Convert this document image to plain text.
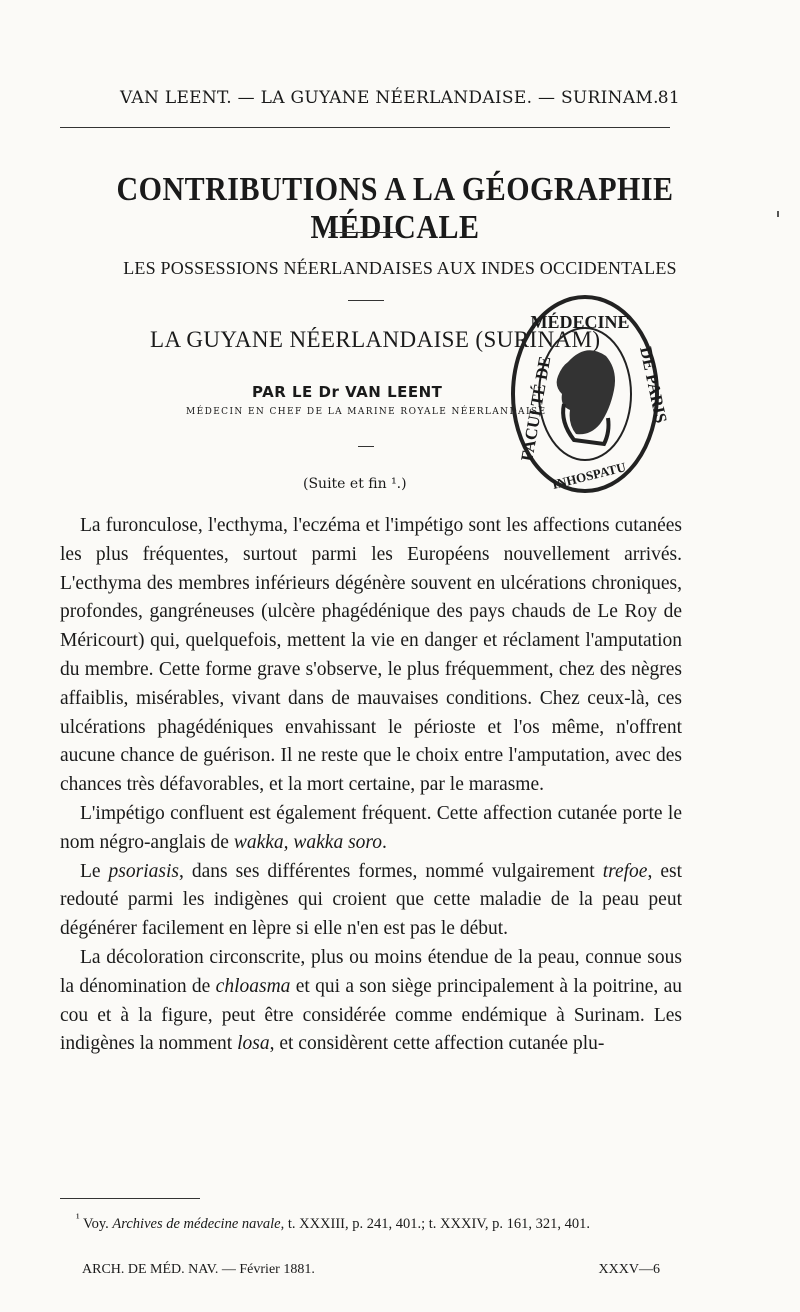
VAN LEENT. — LA GUYANE NÉERLANDAISE. — SURINAM.
81
CONTRIBUTIONS A LA GÉOGRAPHIE MÉDICALE
LES POSSESSIONS NÉERLANDAISES AUX INDES OCCIDENTALES
LA GUYANE NÉERLANDAISE (SURINAM)
PAR LE Dr VAN LEENT
MÉDECIN EN CHEF DE LA MARINE ROYALE NÉERLANDAISE
(Suite et fin ¹.)
MÉDECINE
FACULTÉ DE	DE PARIS
INHOSPATU

La furonculose, l'ecthyma, l'eczéma et l'impétigo sont les affections cutanées les plus fréquentes, surtout parmi les Européens nouvellement arrivés. L'ecthyma des membres inférieurs dégénère souvent en ulcérations chroniques, profondes, gangréneuses (ulcère phagédénique des pays chauds de Le Roy de Méricourt) qui, quelquefois, mettent la vie en danger et réclament l'amputation du membre. Cette forme grave s'observe, le plus fréquemment, chez des nègres affaiblis, misérables, vivant dans de mauvaises conditions. Chez ceux-là, ces ulcérations phagédéniques envahissant le périoste et l'os même, n'offrent aucune chance de guérison. Il ne reste que le choix entre l'amputation, avec des chances très défavorables, et la mort certaine, par le marasme.

L'impétigo confluent est également fréquent. Cette affection cutanée porte le nom négro-anglais de wakka, wakka soro.

Le psoriasis, dans ses différentes formes, nommé vulgairement trefoe, est redouté parmi les indigènes qui croient que cette maladie de la peau peut dégénérer facilement en lèpre si elle n'en est pas le début.

La décoloration circonscrite, plus ou moins étendue de la peau, connue sous la dénomination de chloasma et qui a son siège principalement à la poitrine, au cou et à la figure, peut être considérée comme endémique à Surinam. Les indigènes la nomment losa, et considèrent cette affection cutanée plu-

$^{^1}$ Voy. Archives de médecine navale, t. XXXIII, p. 241, 401.; t. XXXIV, p. 161, 321, 401.

ARCH. DE MÉD. NAV. — Février 1881.	XXXV—6
